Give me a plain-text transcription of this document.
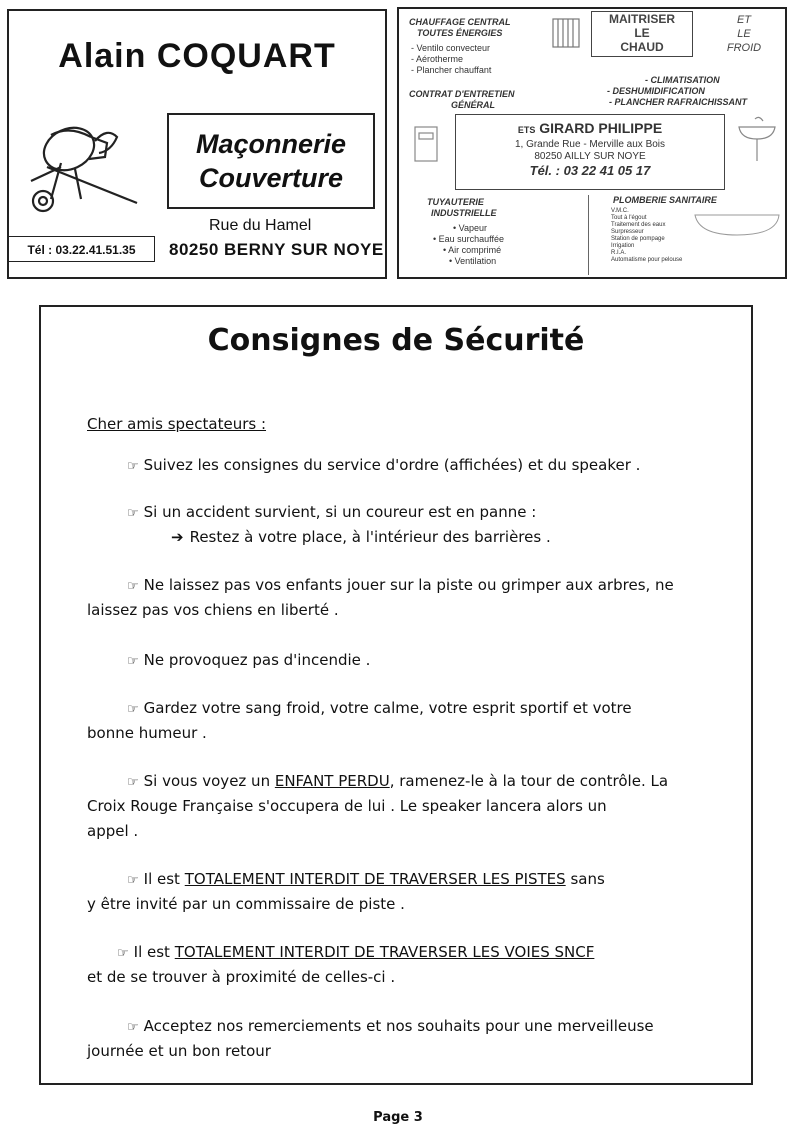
Alain COQUART
Maçonnerie
Couverture
Rue du Hamel
Tél : 03.22.41.51.35	80250 BERNY SUR NOYE
CHAUFFAGE CENTRAL
TOUTES ÉNERGIES
- Ventilo convecteur
- Aérotherme
- Plancher chauffant
MAITRISER
LE
CHAUD
ET
LE
FROID
CONTRAT D'ENTRETIEN
GÉNÉRAL
- CLIMATISATION
- DESHUMIDIFICATION
- PLANCHER RAFRAICHISSANT
ETS GIRARD PHILIPPE
1, Grande Rue - Merville aux Bois
80250 AILLY SUR NOYE
Tél. : 03 22 41 05 17
TUYAUTERIE
INDUSTRIELLE
• Vapeur
• Eau surchauffée
• Air comprimé
• Ventilation
PLOMBERIE SANITAIRE
V.M.C.
Tout à l'égout
Traitement des eaux
Surpresseur
Station de pompage
Irrigation
R.I.A.
Automatisme pour pelouse
Consignes de Sécurité
Cher amis spectateurs :
☞ Suivez les consignes du service d'ordre (affichées) et du speaker .
☞ Si un accident survient, si un coureur est en panne :
➔ Restez à votre place, à l'intérieur des barrières .
☞ Ne laissez pas vos enfants jouer sur la piste ou grimper aux arbres, ne
laissez pas vos chiens en liberté .
☞ Ne provoquez pas d'incendie .
☞ Gardez votre sang froid, votre calme, votre esprit sportif et votre
bonne humeur .
☞ Si vous voyez un ENFANT PERDU, ramenez-le à la tour de contrôle. La
Croix Rouge Française s'occupera de lui . Le speaker lancera alors un
appel .
☞ Il est TOTALEMENT INTERDIT DE TRAVERSER LES PISTES sans
y être invité par un commissaire de piste .
☞ Il est TOTALEMENT INTERDIT DE TRAVERSER LES VOIES SNCF
et de se trouver à proximité de celles-ci .
☞ Acceptez nos remerciements et nos souhaits pour une merveilleuse
journée et un bon retour
Page 3
